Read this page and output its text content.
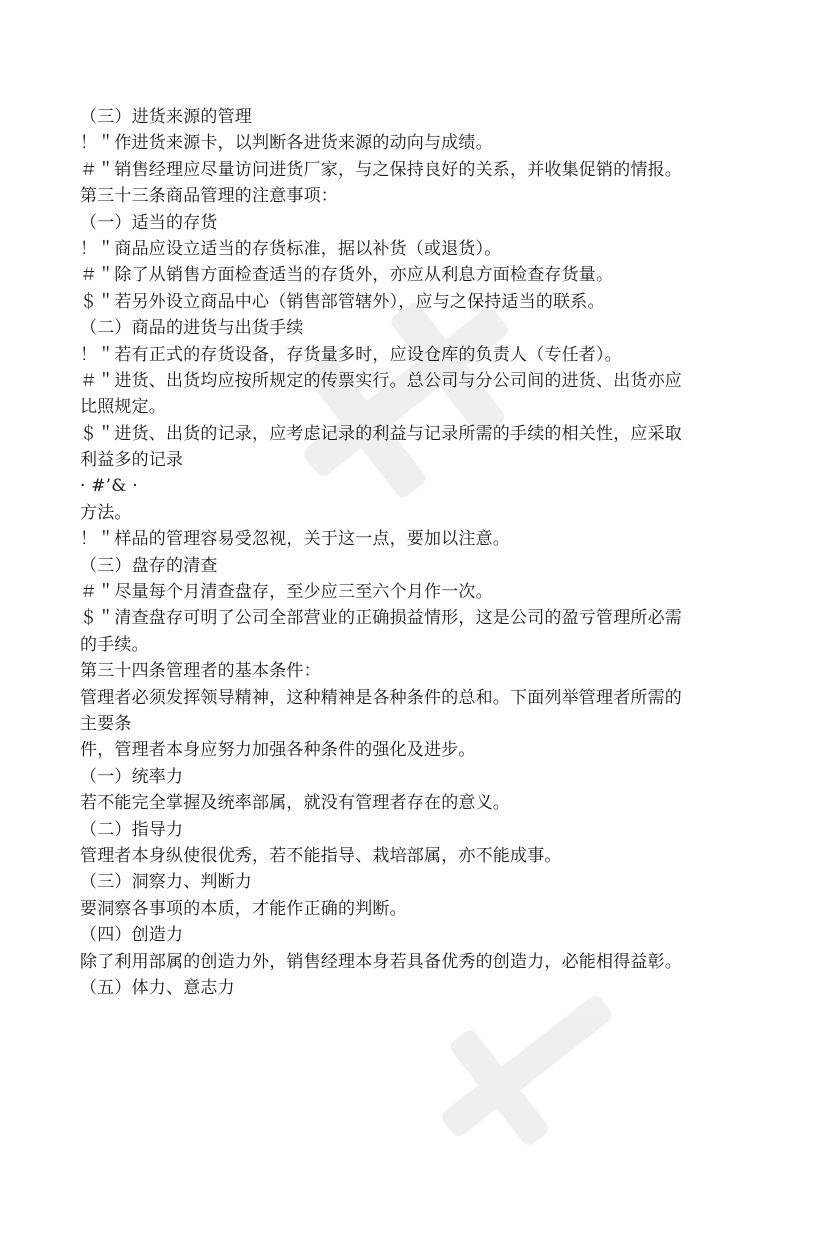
（三）进货来源的管理

！＂作进货来源卡，以判断各进货来源的动向与成绩。

＃＂销售经理应尽量访问进货厂家，与之保持良好的关系，并收集促销的情报。

第三十三条商品管理的注意事项：

（一）适当的存货

！＂商品应设立适当的存货标准，据以补货（或退货）。

＃＂除了从销售方面检查适当的存货外，亦应从利息方面检查存货量。

＄＂若另外设立商品中心（销售部管辖外），应与之保持适当的联系。

（二）商品的进货与出货手续

！＂若有正式的存货设备，存货量多时，应设仓库的负责人（专任者）。

＃＂进货、出货均应按所规定的传票实行。总公司与分公司间的进货、出货亦应

比照规定。

＄＂进货、出货的记录，应考虑记录的利益与记录所需的手续的相关性，应采取

利益多的记录

· #’& ·

方法。

！＂样品的管理容易受忽视，关于这一点，要加以注意。

（三）盘存的清查

＃＂尽量每个月清查盘存，至少应三至六个月作一次。

＄＂清查盘存可明了公司全部营业的正确损益情形，这是公司的盈亏管理所必需

的手续。

第三十四条管理者的基本条件：

管理者必须发挥领导精神，这种精神是各种条件的总和。下面列举管理者所需的

主要条

件，管理者本身应努力加强各种条件的强化及进步。

（一）统率力

若不能完全掌握及统率部属，就没有管理者存在的意义。

（二）指导力

管理者本身纵使很优秀，若不能指导、栽培部属，亦不能成事。

（三）洞察力、判断力

要洞察各事项的本质，才能作正确的判断。

（四）创造力

除了利用部属的创造力外，销售经理本身若具备优秀的创造力，必能相得益彰。

（五）体力、意志力
